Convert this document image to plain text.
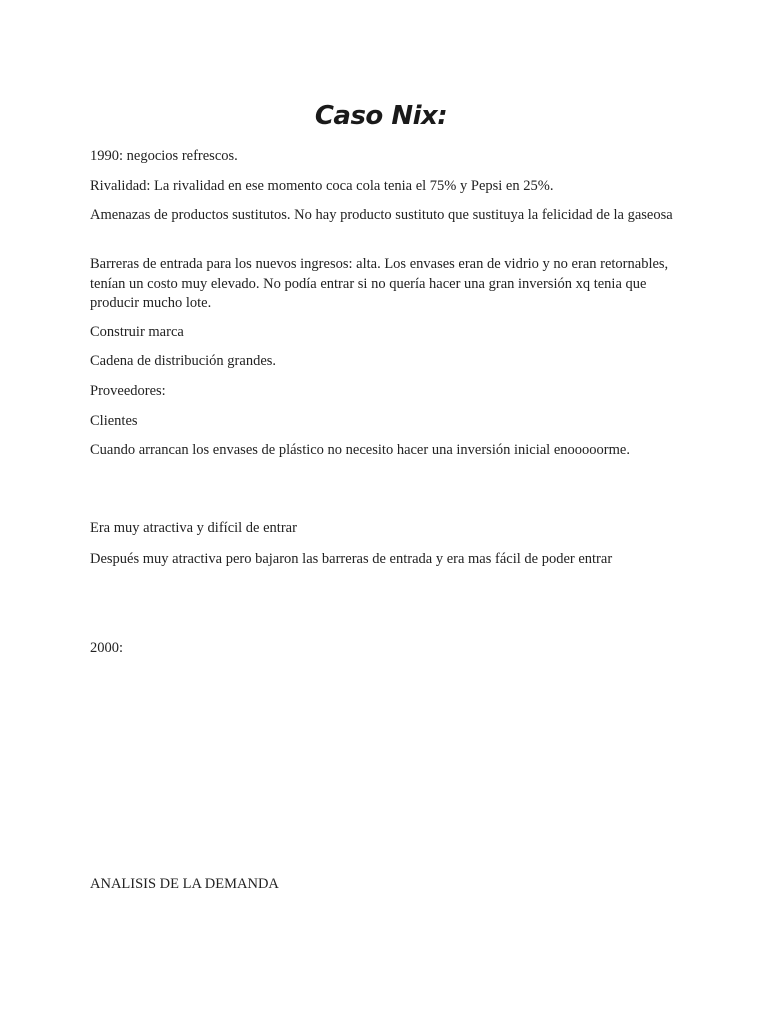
Caso Nix:

1990: negocios refrescos.

Rivalidad: La rivalidad en ese momento coca cola tenia el 75% y Pepsi en 25%.

Amenazas de productos sustitutos. No hay producto sustituto que sustituya la felicidad de la gaseosa

Barreras de entrada para los nuevos ingresos: alta. Los envases eran de vidrio y no eran retornables, tenían un costo muy elevado. No podía entrar si no quería hacer una gran inversión xq tenia que producir mucho lote.

Construir marca

Cadena de distribución grandes.

Proveedores:

Clientes

Cuando arrancan los envases de plástico no necesito hacer una inversión inicial enooooorme.

Era muy atractiva y difícil de entrar

Después muy atractiva pero bajaron las barreras de entrada y era mas fácil de poder entrar

2000:

ANALISIS DE LA DEMANDA
